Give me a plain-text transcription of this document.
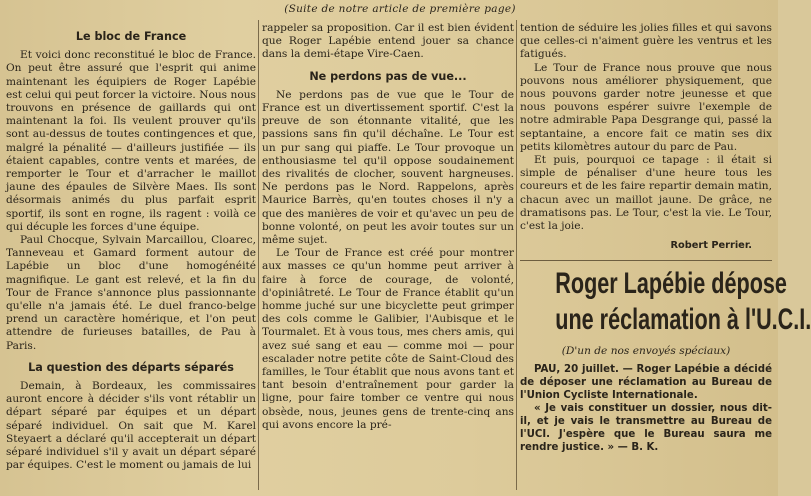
(Suite de notre article de première page)
Le bloc de France

Et voici donc reconstitué le bloc de France. On peut être assuré que l'esprit qui anime maintenant les équipiers de Roger Lapébie est celui qui peut forcer la victoire. Nous nous trouvons en présence de gaillards qui ont maintenant la foi. Ils veulent prouver qu'ils sont au-dessus de toutes contingences et que, malgré la pénalité — d'ailleurs justifiée — ils étaient capables, contre vents et marées, de remporter le Tour et d'arracher le maillot jaune des épaules de Silvère Maes. Ils sont désormais animés du plus parfait esprit sportif, ils sont en rogne, ils ragent : voilà ce qui décuple les forces d'une équipe.

Paul Chocque, Sylvain Marcaillou, Cloarec, Tanneveau et Gamard forment autour de Lapébie un bloc d'une homogénéité magnifique. Le gant est relevé, et la fin du Tour de France s'annonce plus passionnante qu'elle n'a jamais été. Le duel franco-belge prend un caractère homérique, et l'on peut attendre de furieuses batailles, de Pau à Paris.

La question des départs séparés

Demain, à Bordeaux, les commissaires auront encore à décider s'ils vont rétablir un départ séparé par équipes et un départ séparé individuel. On sait que M. Karel Steyaert a déclaré qu'il accepterait un départ séparé individuel s'il y avait un départ séparé par équipes. C'est le moment ou jamais de lui

rappeler sa proposition. Car il est bien évident que Roger Lapébie entend jouer sa chance dans la demi-étape Vire-Caen.

Ne perdons pas de vue...

Ne perdons pas de vue que le Tour de France est un divertissement sportif. C'est la preuve de son étonnante vitalité, que les passions sans fin qu'il déchaîne. Le Tour est un pur sang qui piaffe. Le Tour provoque un enthousiasme tel qu'il oppose soudainement des rivalités de clocher, souvent hargneuses. Ne perdons pas le Nord. Rappelons, après Maurice Barrès, qu'en toutes choses il n'y a que des manières de voir et qu'avec un peu de bonne volonté, on peut les avoir toutes sur un même sujet.

Le Tour de France est créé pour montrer aux masses ce qu'un homme peut arriver à faire à force de courage, de volonté, d'opiniâtreté. Le Tour de France établit qu'un homme juché sur une bicyclette peut grimper des cols comme le Galibier, l'Aubisque et le Tourmalet. Et à vous tous, mes chers amis, qui avez sué sang et eau — comme moi — pour escalader notre petite côte de Saint-Cloud des familles, le Tour établit que nous avons tant et tant besoin d'entraînement pour garder la ligne, pour faire tomber ce ventre qui nous obsède, nous, jeunes gens de trente-cinq ans qui avons encore la pré-

tention de séduire les jolies filles et qui savons que celles-ci n'aiment guère les ventrus et les fatigués.

Le Tour de France nous prouve que nous pouvons nous améliorer physiquement, que nous pouvons garder notre jeunesse et que nous pouvons espérer suivre l'exemple de notre admirable Papa Desgrange qui, passé la septantaine, a encore fait ce matin ses dix petits kilomètres autour du parc de Pau.

Et puis, pourquoi ce tapage : il était si simple de pénaliser d'une heure tous les coureurs et de les faire repartir demain matin, chacun avec un maillot jaune. De grâce, ne dramatisons pas. Le Tour, c'est la vie. Le Tour, c'est la joie.

Robert Perrier.
Roger Lapébie dépose
une réclamation à l'U.C.I.
(D'un de nos envoyés spéciaux)

PAU, 20 juillet. — Roger Lapébie a décidé de déposer une réclamation au Bureau de l'Union Cycliste Internationale.

« Je vais constituer un dossier, nous dit-il, et je vais le transmettre au Bureau de l'UCI. J'espère que le Bureau saura me rendre justice. » — B. K.
